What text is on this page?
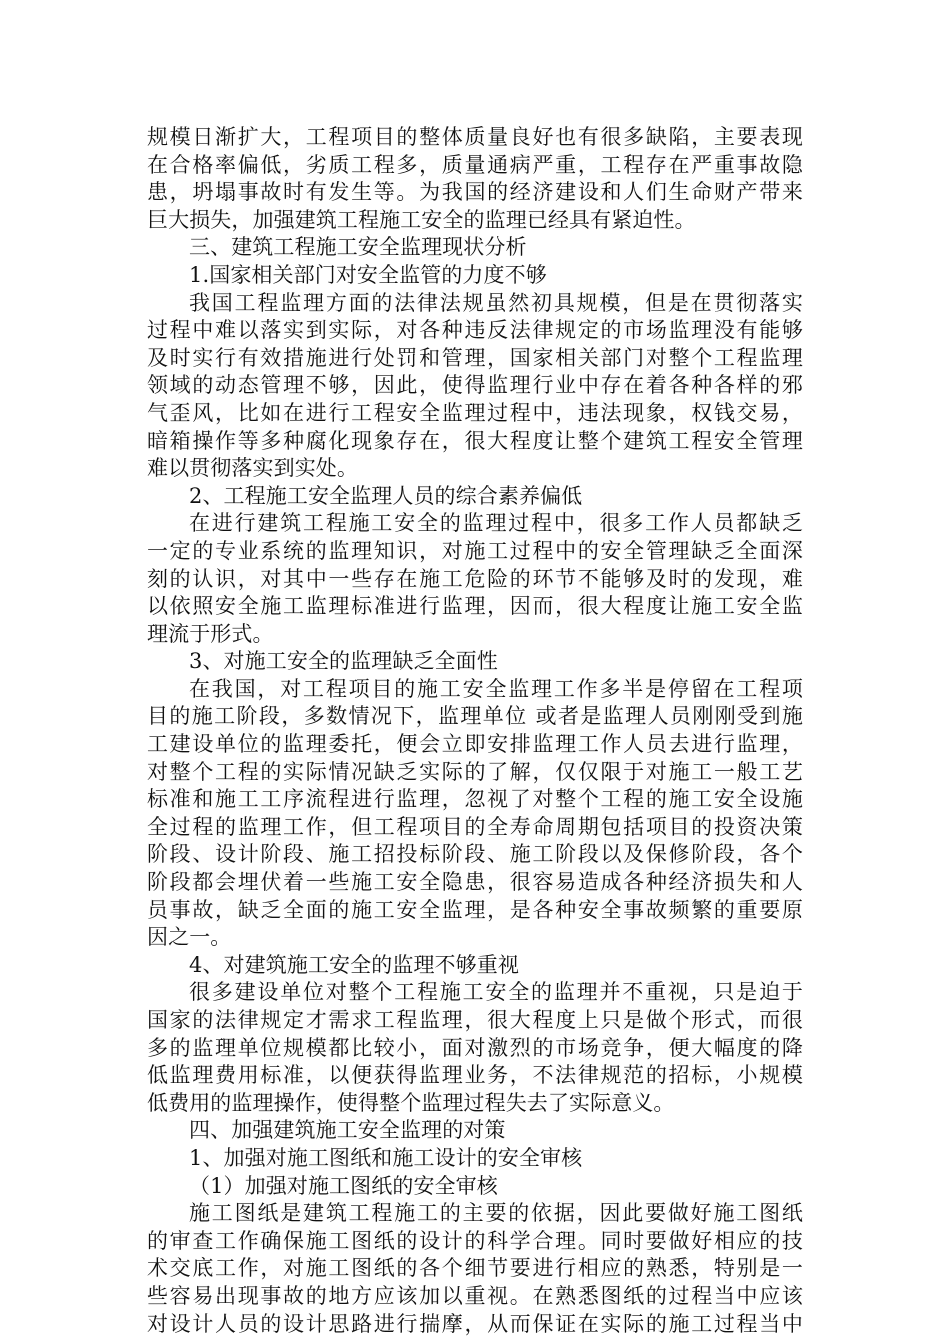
规模日渐扩大，工程项目的整体质量良好也有很多缺陷，主要表现
在合格率偏低，劣质工程多，质量通病严重，工程存在严重事故隐
患，坍塌事故时有发生等。为我国的经济建设和人们生命财产带来
巨大损失，加强建筑工程施工安全的监理已经具有紧迫性。
三、建筑工程施工安全监理现状分析
1.国家相关部门对安全监管的力度不够
我国工程监理方面的法律法规虽然初具规模，但是在贯彻落实
过程中难以落实到实际，对各种违反法律规定的市场监理没有能够
及时实行有效措施进行处罚和管理，国家相关部门对整个工程监理
领域的动态管理不够，因此，使得监理行业中存在着各种各样的邪
气歪风，比如在进行工程安全监理过程中，违法现象，权钱交易，
暗箱操作等多种腐化现象存在，很大程度让整个建筑工程安全管理
难以贯彻落实到实处。
2、工程施工安全监理人员的综合素养偏低
在进行建筑工程施工安全的监理过程中，很多工作人员都缺乏
一定的专业系统的监理知识，对施工过程中的安全管理缺乏全面深
刻的认识，对其中一些存在施工危险的环节不能够及时的发现，难
以依照安全施工监理标准进行监理，因而，很大程度让施工安全监
理流于形式。
3、对施工安全的监理缺乏全面性
在我国，对工程项目的施工安全监理工作多半是停留在工程项
目的施工阶段，多数情况下，监理单位 或者是监理人员刚刚受到施
工建设单位的监理委托，便会立即安排监理工作人员去进行监理，
对整个工程的实际情况缺乏实际的了解，仅仅限于对施工一般工艺
标准和施工工序流程进行监理，忽视了对整个工程的施工安全设施
全过程的监理工作，但工程项目的全寿命周期包括项目的投资决策
阶段、设计阶段、施工招投标阶段、施工阶段以及保修阶段，各个
阶段都会埋伏着一些施工安全隐患，很容易造成各种经济损失和人
员事故，缺乏全面的施工安全监理，是各种安全事故频繁的重要原
因之一。
4、对建筑施工安全的监理不够重视
很多建设单位对整个工程施工安全的监理并不重视，只是迫于
国家的法律规定才需求工程监理，很大程度上只是做个形式，而很
多的监理单位规模都比较小，面对激烈的市场竞争，便大幅度的降
低监理费用标准，以便获得监理业务，不法律规范的招标，小规模
低费用的监理操作，使得整个监理过程失去了实际意义。
四、加强建筑施工安全监理的对策
1、加强对施工图纸和施工设计的安全审核
（1）加强对施工图纸的安全审核
施工图纸是建筑工程施工的主要的依据，因此要做好施工图纸
的审查工作确保施工图纸的设计的科学合理。同时要做好相应的技
术交底工作，对施工图纸的各个细节要进行相应的熟悉，特别是一
些容易出现事故的地方应该加以重视。在熟悉图纸的过程当中应该
对设计人员的设计思路进行揣摩，从而保证在实际的施工过程当中
